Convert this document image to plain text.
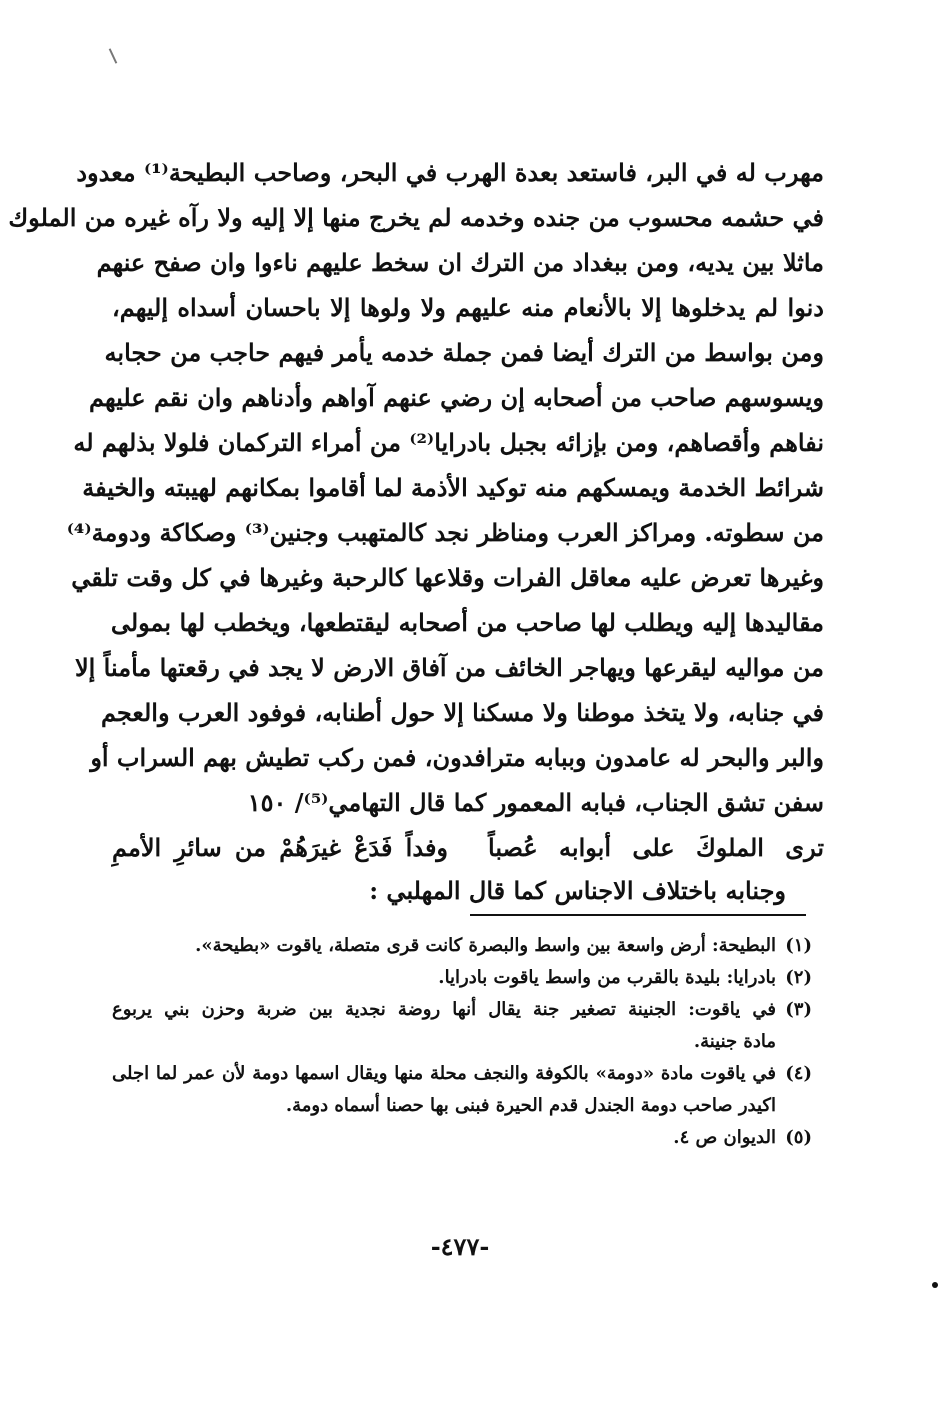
مهرب له في البر، فاستعد بعدة الهرب في البحر، وصاحب البطيحة⁽¹⁾ معدود
في حشمه محسوب من جنده وخدمه لم يخرج منها إلا إليه ولا رآه غيره من الملوك
ماثلا بين يديه، ومن ببغداد من الترك ان سخط عليهم ناءوا وان صفح عنهم
دنوا لم يدخلوها إلا بالأنعام منه عليهم ولا ولوها إلا باحسان أسداه إليهم،
ومن بواسط من الترك أيضا فمن جملة خدمه يأمر فيهم حاجب من حجابه
ويسوسهم صاحب من أصحابه إن رضي عنهم آواهم وأدناهم وان نقم عليهم
نفاهم وأقصاهم، ومن بإزائه بجبل بادرايا⁽²⁾ من أمراء التركمان فلولا بذلهم له
شرائط الخدمة ويمسكهم منه توكيد الأذمة لما أقاموا بمكانهم لهيبته والخيفة
من سطوته. ومراكز العرب ومناظر نجد كالمتهبب وجنين⁽³⁾ وصكاكة ودومة⁽⁴⁾
وغيرها تعرض عليه معاقل الفرات وقلاعها كالرحبة وغيرها في كل وقت تلقي
مقاليدها إليه ويطلب لها صاحب من أصحابه ليقتطعها، ويخطب لها بمولى
من مواليه ليقرعها ويهاجر الخائف من آفاق الارض لا يجد في رقعتها مأمناً إلا
في جنابه، ولا يتخذ موطنا ولا مسكنا إلا حول أطنابه، فوفود العرب والعجم
والبر والبحر له عامدون وببابه مترافدون، فمن ركب تطيش بهم السراب أو
سفن تشق الجناب، فبابه المعمور كما قال التهامي⁽⁵⁾/ ١٥٠
ترى الملوكَ على أبوابه عُصباً
وفداً فَدَعْ غيرَهُمْ من سائرِ الأممِ
وجنابه باختلاف الاجناس كما قال المهلبي :
(١)
البطيحة: أرض واسعة بين واسط والبصرة كانت قرى متصلة، ياقوت «بطيحة».
(٢)
بادرايا: بليدة بالقرب من واسط ياقوت بادرايا.
(٣)
في ياقوت: الجنينة تصغير جنة يقال أنها روضة نجدية بين ضربة وحزن بني يربوع
مادة جنينة.
(٤)
في ياقوت مادة «دومة» بالكوفة والنجف محلة منها ويقال اسمها دومة لأن عمر لما اجلى
اكيدر صاحب دومة الجندل قدم الحيرة فبنى بها حصنا أسماه دومة.
(٥)
الديوان ص ٤.
-٤٧٧-
